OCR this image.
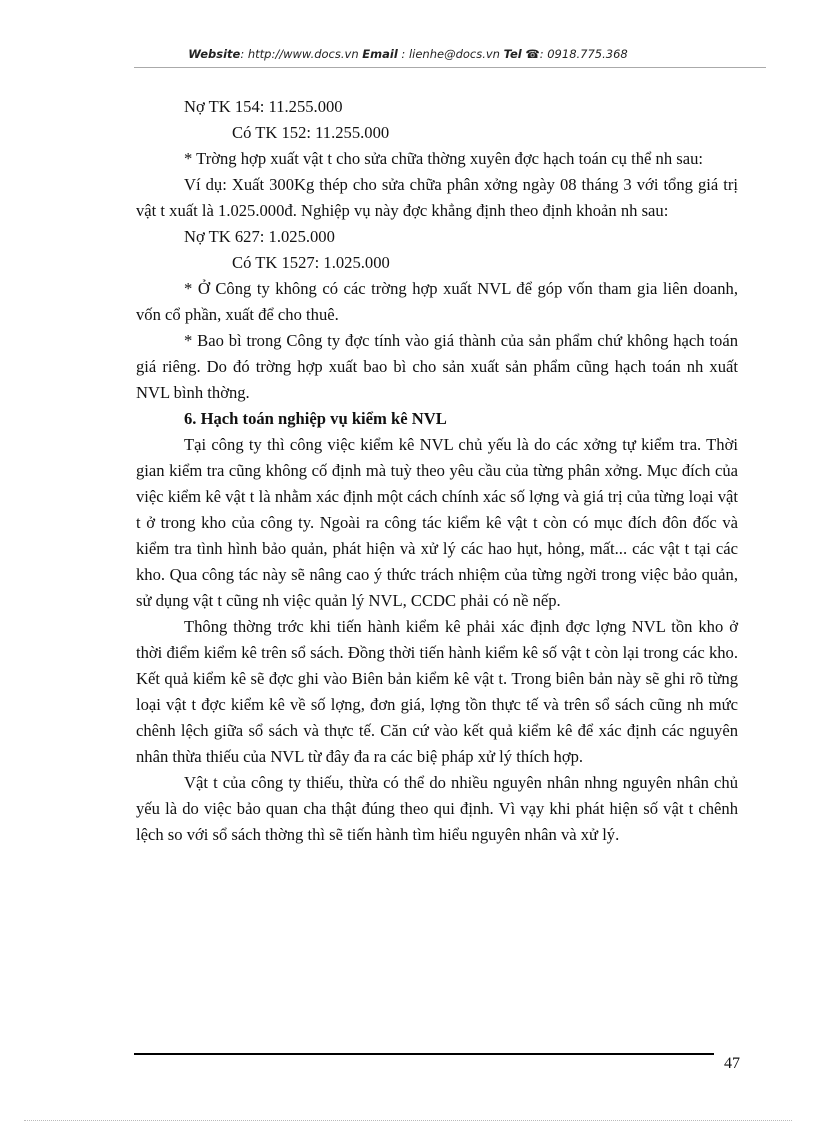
Website: http://www.docs.vn Email : lienhe@docs.vn Tel ☎: 0918.775.368

Nợ TK 154: 11.255.000

Có TK 152: 11.255.000

* Trờng hợp xuất vật t cho sửa chữa thờng xuyên đợc hạch toán cụ thể nh sau:

Ví dụ: Xuất 300Kg thép cho sửa chữa phân xởng ngày 08 tháng 3 với tổng giá trị vật t xuất là 1.025.000đ. Nghiệp vụ này đợc khẳng định theo định khoản nh sau:

Nợ TK 627: 1.025.000

Có TK 1527: 1.025.000

* Ở Công ty không có các trờng hợp xuất NVL để góp vốn tham gia liên doanh, vốn cổ phần, xuất để cho thuê.

* Bao bì trong Công ty đợc tính vào giá thành của sản phẩm chứ không hạch toán giá riêng. Do đó trờng hợp xuất bao bì cho sản xuất sản phẩm cũng hạch toán nh xuất NVL bình thờng.

6. Hạch toán nghiệp vụ kiểm kê NVL

Tại công ty thì công việc kiểm kê NVL chủ yếu là do các xởng tự kiểm tra. Thời gian kiểm tra cũng không cố định mà tuỳ theo yêu cầu của từng phân xởng. Mục đích của việc kiểm kê vật t là nhằm xác định một cách chính xác số lợng và giá trị của từng loại vật t ở trong kho của công ty. Ngoài ra công tác kiểm kê vật t còn có mục đích đôn đốc và kiểm tra tình hình bảo quản, phát hiện và xử lý các hao hụt, hỏng, mất... các vật t tại các kho. Qua công tác này sẽ nâng cao ý thức trách nhiệm của từng ngời trong việc bảo quản, sử dụng vật t cũng nh việc quản lý NVL, CCDC phải có nề nếp.

Thông thờng trớc khi tiến hành kiểm kê phải xác định đợc lợng NVL tồn kho ở thời điểm kiểm kê trên sổ sách. Đồng thời tiến hành kiểm kê số vật t còn lại trong các kho. Kết quả kiểm kê sẽ đợc ghi vào Biên bản kiểm kê vật t. Trong biên bản này sẽ ghi rõ từng loại vật t đợc kiểm kê về số lợng, đơn giá, lợng tồn thực tế và trên sổ sách cũng nh mức chênh lệch giữa sổ sách và thực tế. Căn cứ vào kết quả kiểm kê để xác định các nguyên nhân thừa thiếu của NVL từ đây đa ra các biệ pháp xử lý thích hợp.

Vật t của công ty thiếu, thừa có thể do nhiều nguyên nhân nhng nguyên nhân chủ yếu là do việc bảo quan cha thật đúng theo qui định. Vì vạy khi phát hiện số vật t chênh lệch so với sổ sách thờng thì sẽ tiến hành tìm hiểu nguyên nhân và xử lý.

47
